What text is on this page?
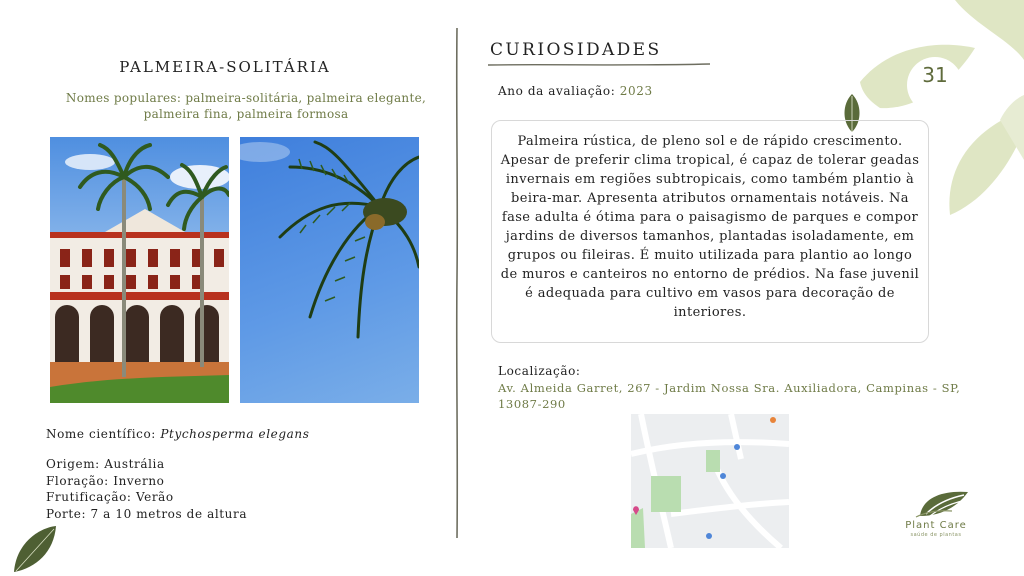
31
PALMEIRA-SOLITÁRIA
Nomes populares: palmeira-solitária, palmeira elegante, palmeira fina, palmeira formosa
Nome científico: Ptychosperma elegans
Origem: Austrália
Floração: Inverno
Frutificação: Verão
Porte: 7 a 10 metros de altura
CURIOSIDADES
Ano da avaliação: 2023
Palmeira rústica, de pleno sol e de rápido crescimento. Apesar de preferir clima tropical, é capaz de tolerar geadas invernais em regiões subtropicais, como também plantio à beira-mar. Apresenta atributos ornamentais notáveis. Na fase adulta é ótima para o paisagismo de parques e compor jardins de diversos tamanhos, plantadas isoladamente, em grupos ou fileiras. É muito utilizada para plantio ao longo de muros e canteiros no entorno de prédios. Na fase juvenil é adequada para cultivo em vasos para decoração de interiores.
Localização:
Av. Almeida Garret, 267 - Jardim Nossa Sra. Auxiliadora, Campinas - SP, 13087-290
Plant Care
saúde de plantas
